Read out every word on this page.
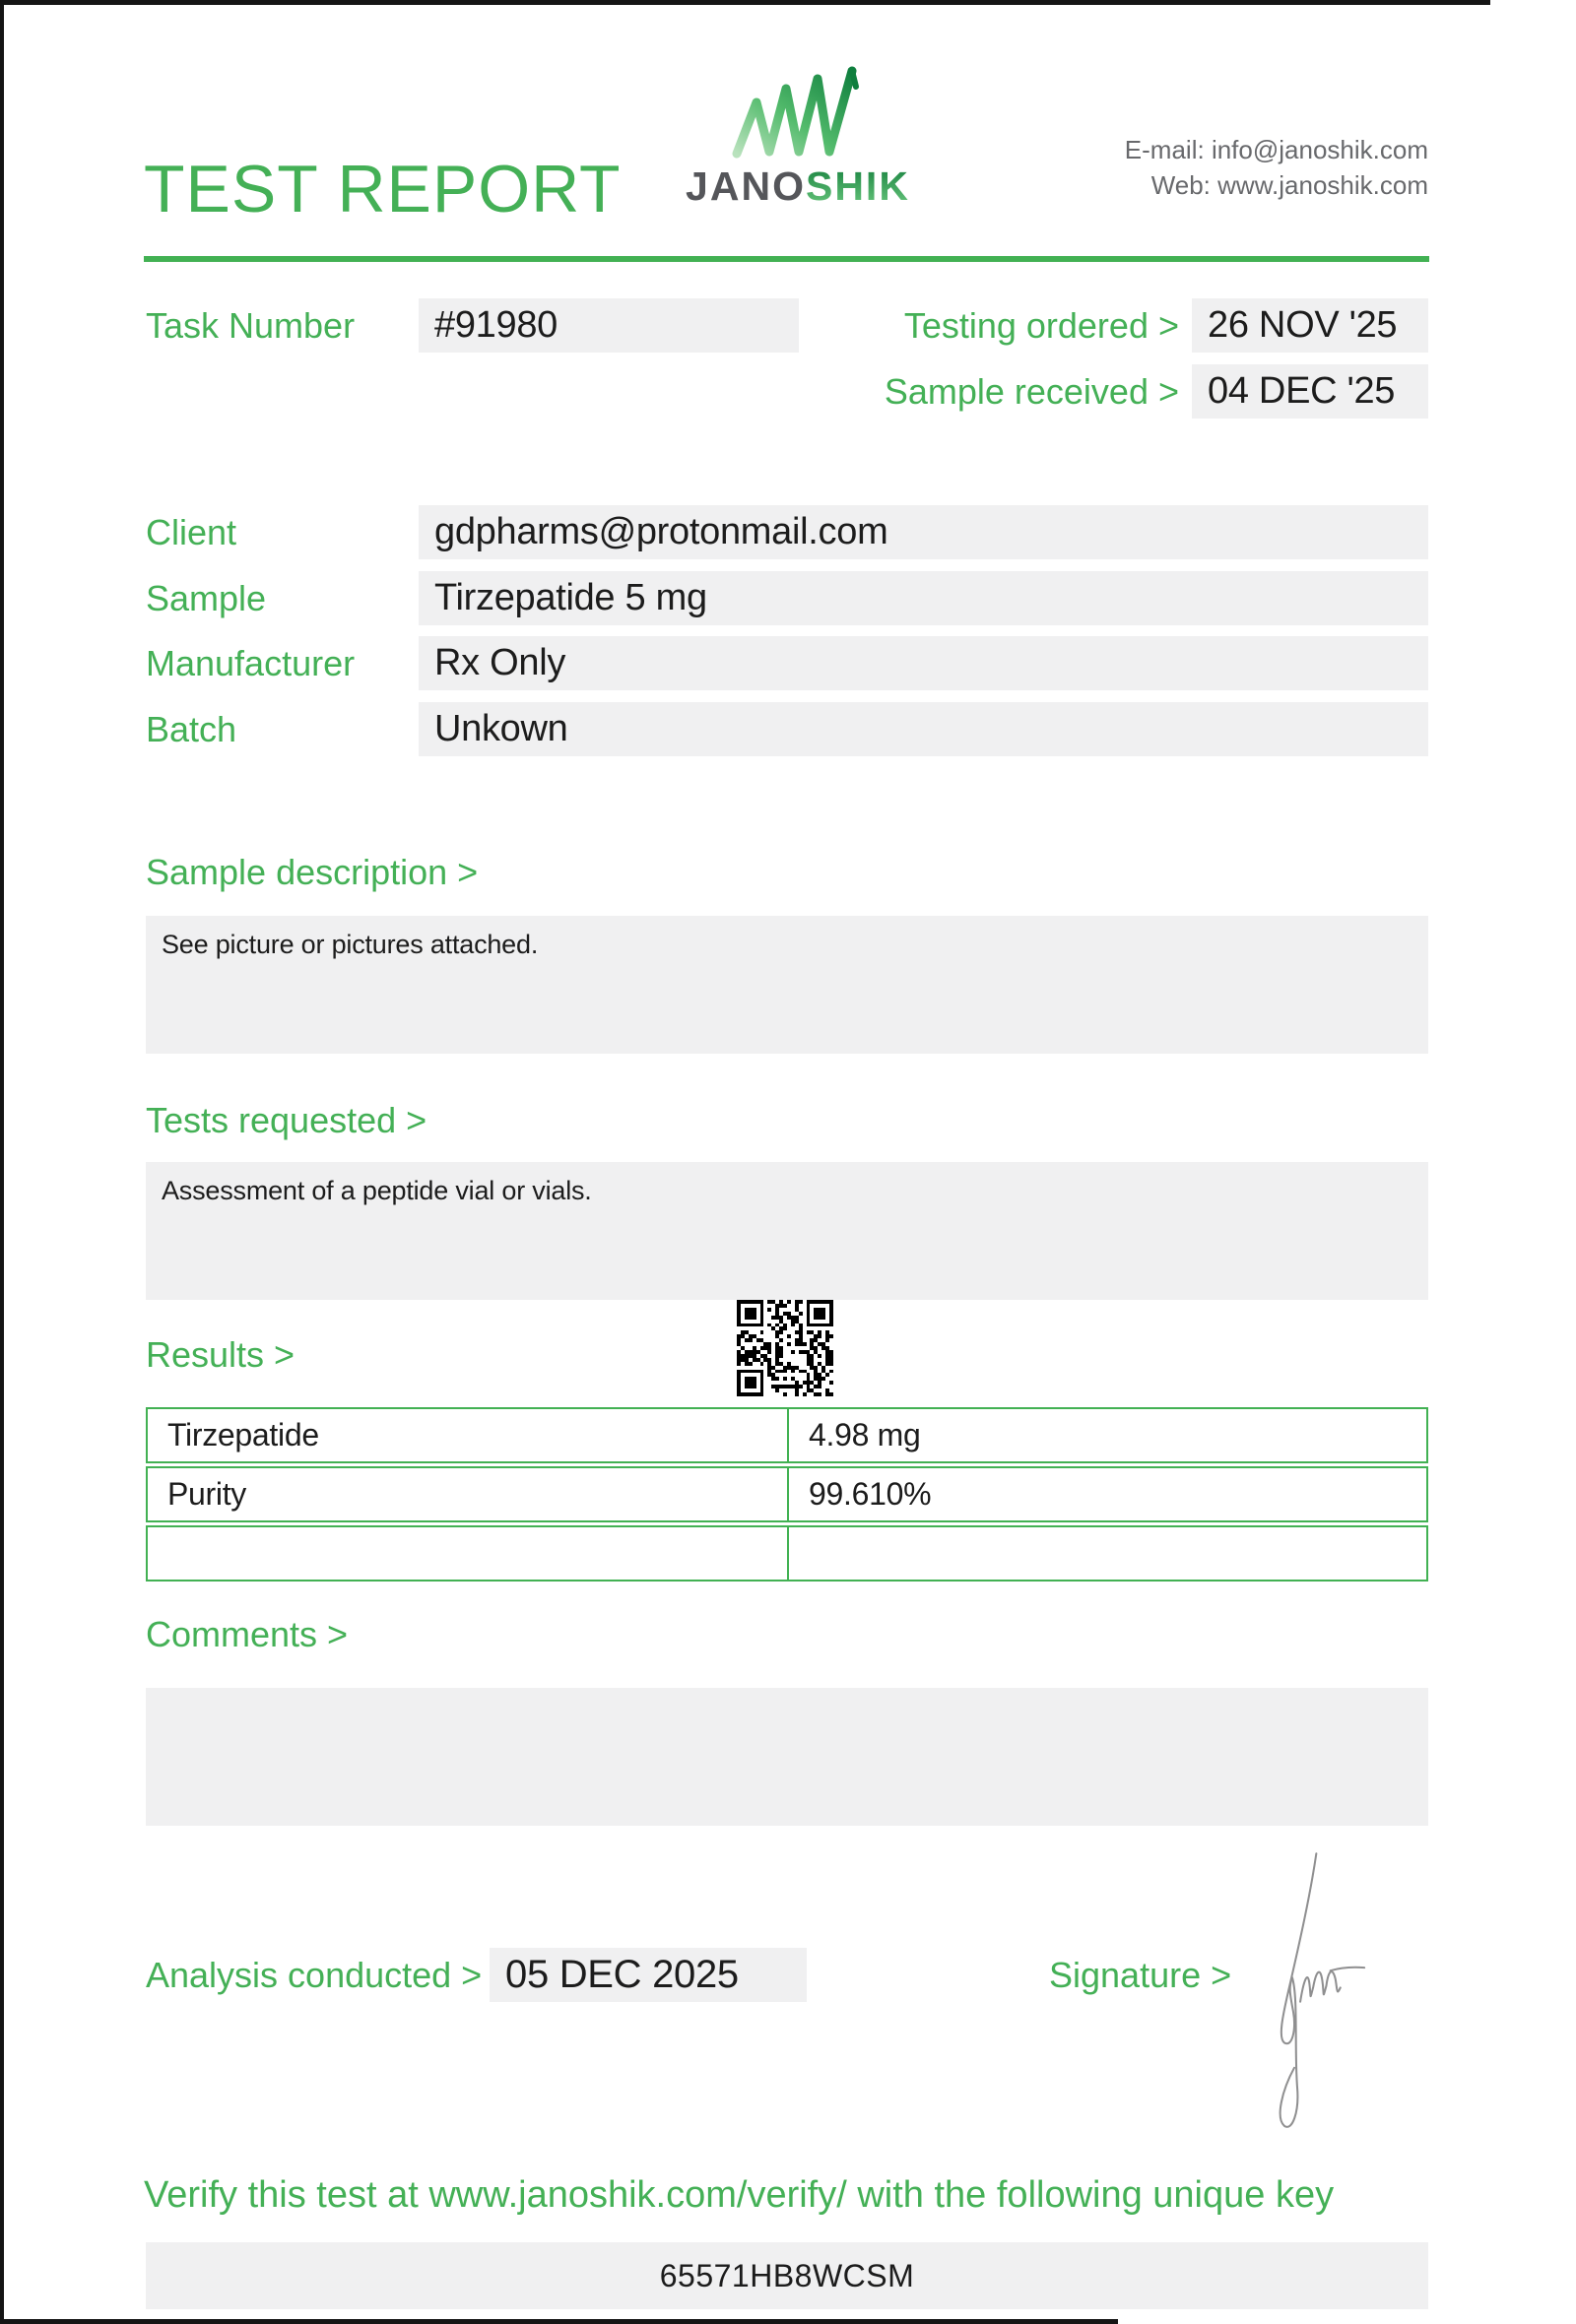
TEST REPORT	JANOSHIK
E-mail: info@janoshik.com
Web: www.janoshik.com
Task Number	#91980	Testing ordered > 26 NOV '25
Sample received > 04 DEC '25
Client	gdpharms@protonmail.com
Sample	Tirzepatide 5 mg
Manufacturer	Rx Only
Batch	Unkown
Sample description >
See picture or pictures attached.
Tests requested >
Assessment of a peptide vial or vials.
Results >
Tirzepatide	4.98 mg
Purity	99.610%
Comments >
Analysis conducted > 05 DEC 2025	Signature >
Verify this test at www.janoshik.com/verify/ with the following unique key
65571HB8WCSM
